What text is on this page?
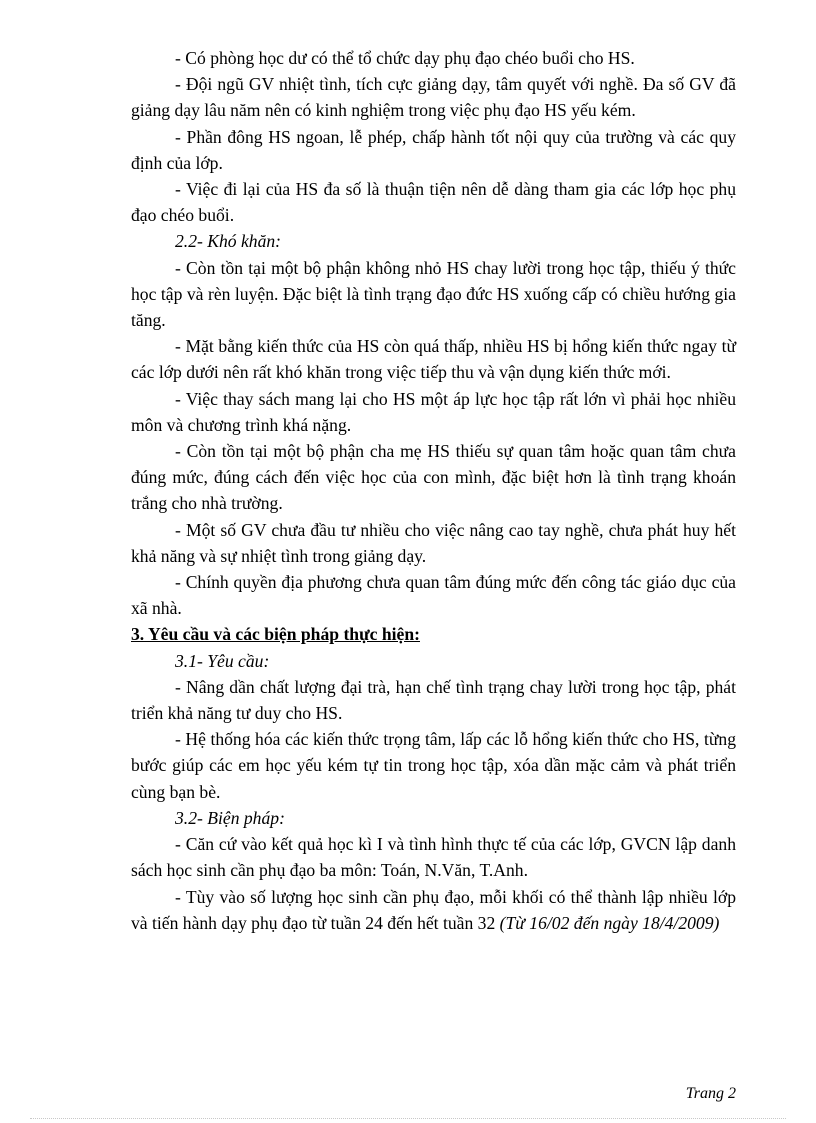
- Có phòng học dư có thể tổ chức dạy phụ đạo chéo buổi cho HS.

- Đội ngũ GV nhiệt tình, tích cực giảng dạy, tâm quyết với nghề. Đa số GV đã giảng dạy lâu năm nên có kinh nghiệm trong việc phụ đạo HS yếu kém.

- Phần đông HS ngoan, lễ phép, chấp hành tốt nội quy của trường và các quy định của lớp.

- Việc đi lại của HS đa số là thuận tiện nên dễ dàng tham gia các lớp học phụ đạo chéo buổi.

2.2- Khó khăn:

- Còn tồn tại một bộ phận không nhỏ HS chay lười trong học tập, thiếu ý thức học tập và rèn luyện. Đặc biệt là tình trạng đạo đức HS xuống cấp có chiều hướng gia tăng.

- Mặt bằng kiến thức của HS còn quá thấp, nhiều HS bị hổng kiến thức ngay từ các lớp dưới nên rất khó khăn trong việc tiếp thu và vận dụng kiến thức mới.

- Việc thay sách mang lại cho HS một áp lực học tập rất lớn vì phải học nhiều môn và chương trình khá nặng.

- Còn tồn tại một bộ phận cha mẹ HS thiếu sự quan tâm hoặc quan tâm chưa đúng mức, đúng cách đến việc học của con mình, đặc biệt hơn là tình trạng khoán trắng cho nhà trường.

- Một số GV chưa đầu tư nhiều cho việc nâng cao tay nghề, chưa phát huy hết khả năng và sự nhiệt tình trong giảng dạy.

- Chính quyền địa phương chưa quan tâm đúng mức đến công tác giáo dục của xã nhà.

3. Yêu cầu và các biện pháp thực hiện:

3.1- Yêu cầu:

- Nâng dần chất lượng đại trà, hạn chế tình trạng chay lười trong học tập, phát triển khả năng tư duy cho HS.

- Hệ thống hóa các kiến thức trọng tâm, lấp các lỗ hổng kiến thức cho HS, từng bước giúp các em học yếu kém tự tin trong học tập, xóa dần mặc cảm và phát triển cùng bạn bè.

3.2- Biện pháp:

- Căn cứ vào kết quả học kì I và tình hình thực tế của các lớp, GVCN lập danh sách học sinh cần phụ đạo ba môn: Toán, N.Văn, T.Anh.

- Tùy vào số lượng học sinh cần phụ đạo, mỗi khối có thể thành lập nhiều lớp và tiến hành dạy phụ đạo từ tuần 24 đến hết tuần 32 (Từ 16/02 đến ngày 18/4/2009)

Trang 2
